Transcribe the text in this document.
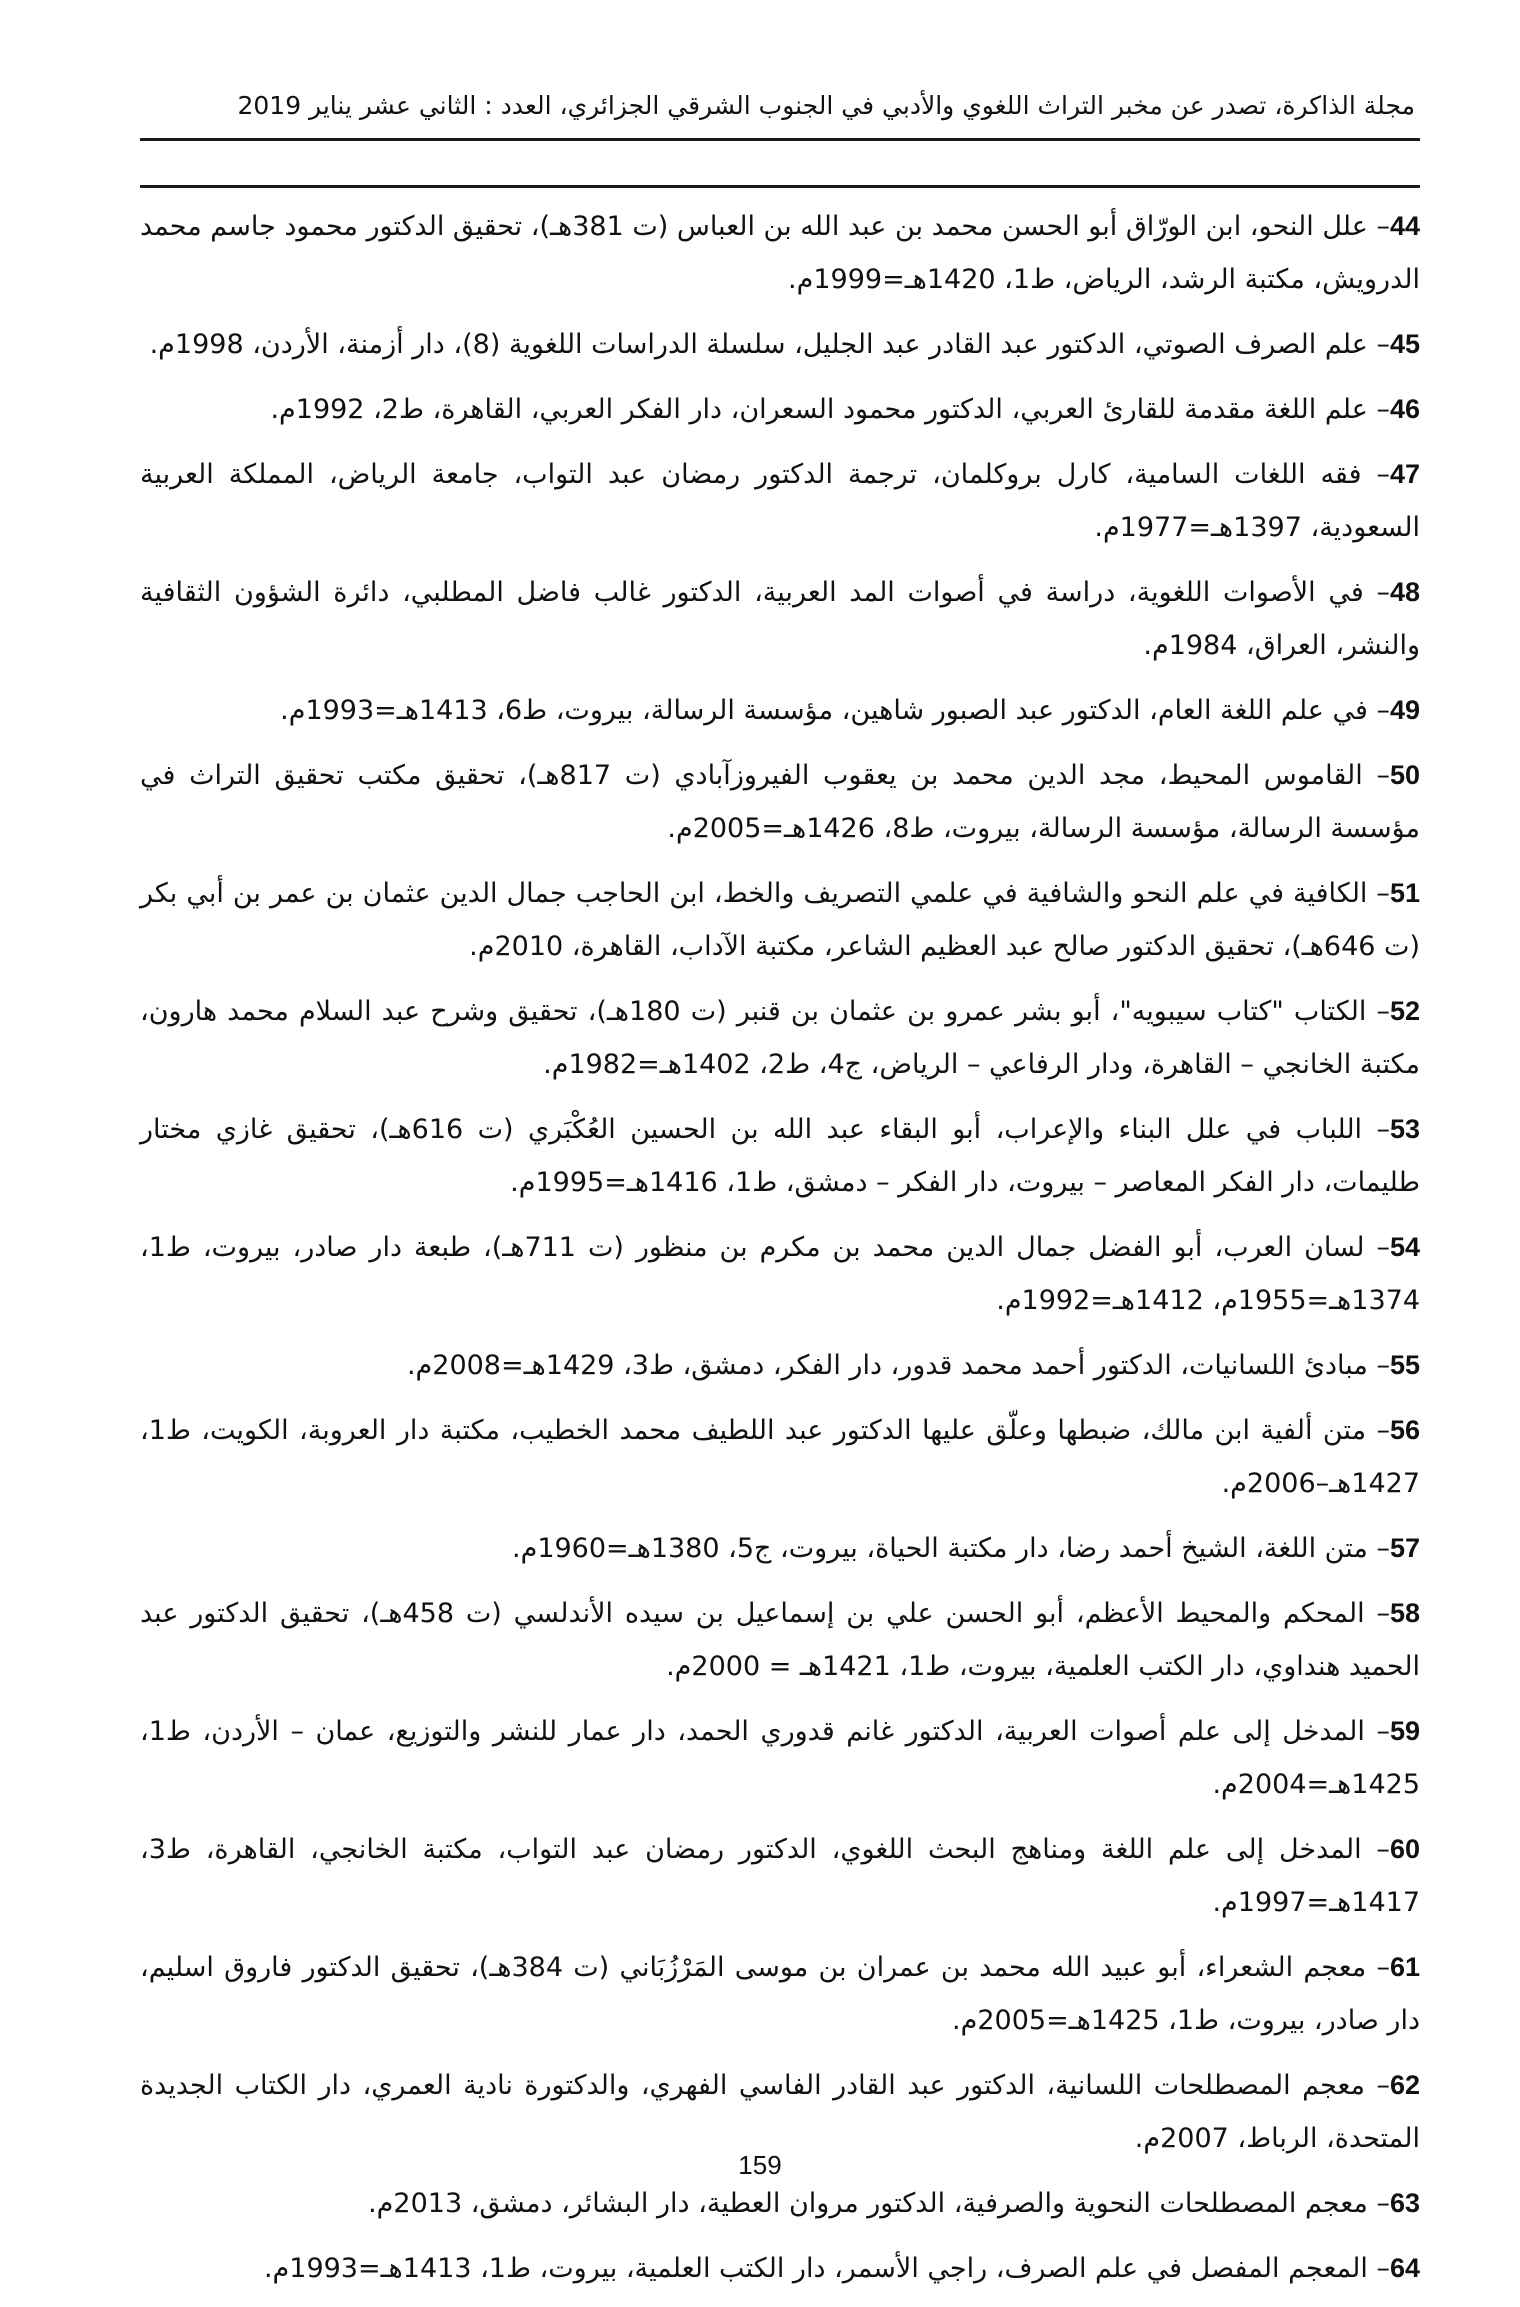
مجلة الذاكرة، تصدر عن مخبر التراث اللغوي والأدبي في الجنوب الشرقي الجزائري، العدد : الثاني عشر يناير 2019

44– علل النحو، ابن الورّاق أبو الحسن محمد بن عبد الله بن العباس (ت 381هـ)، تحقيق الدكتور محمود جاسم محمد الدرويش، مكتبة الرشد، الرياض، ط1، 1420هـ=1999م.

45– علم الصرف الصوتي، الدكتور عبد القادر عبد الجليل، سلسلة الدراسات اللغوية (8)، دار أزمنة، الأردن، 1998م.

46– علم اللغة مقدمة للقارئ العربي، الدكتور محمود السعران، دار الفكر العربي، القاهرة، ط2، 1992م.

47– فقه اللغات السامية، كارل بروكلمان، ترجمة الدكتور رمضان عبد التواب، جامعة الرياض، المملكة العربية السعودية، 1397هـ=1977م.

48– في الأصوات اللغوية، دراسة في أصوات المد العربية، الدكتور غالب فاضل المطلبي، دائرة الشؤون الثقافية والنشر، العراق، 1984م.

49– في علم اللغة العام، الدكتور عبد الصبور شاهين، مؤسسة الرسالة، بيروت، ط6، 1413هـ=1993م.

50– القاموس المحيط، مجد الدين محمد بن يعقوب الفيروزآبادي (ت 817هـ)، تحقيق مكتب تحقيق التراث في مؤسسة الرسالة، مؤسسة الرسالة، بيروت، ط8، 1426هـ=2005م.

51– الكافية في علم النحو والشافية في علمي التصريف والخط، ابن الحاجب جمال الدين عثمان بن عمر بن أبي بكر (ت 646هـ)، تحقيق الدكتور صالح عبد العظيم الشاعر، مكتبة الآداب، القاهرة، 2010م.

52– الكتاب "كتاب سيبويه"، أبو بشر عمرو بن عثمان بن قنبر (ت 180هـ)، تحقيق وشرح عبد السلام محمد هارون، مكتبة الخانجي – القاهرة، ودار الرفاعي – الرياض، ج4، ط2، 1402هـ=1982م.

53– اللباب في علل البناء والإعراب، أبو البقاء عبد الله بن الحسين العُكْبَري (ت 616هـ)، تحقيق غازي مختار طليمات، دار الفكر المعاصر – بيروت، دار الفكر – دمشق، ط1، 1416هـ=1995م.

54– لسان العرب، أبو الفضل جمال الدين محمد بن مكرم بن منظور (ت 711هـ)، طبعة دار صادر، بيروت، ط1، 1374هـ=1955م، 1412هـ=1992م.

55– مبادئ اللسانيات، الدكتور أحمد محمد قدور، دار الفكر، دمشق، ط3، 1429هـ=2008م.

56– متن ألفية ابن مالك، ضبطها وعلّق عليها الدكتور عبد اللطيف محمد الخطيب، مكتبة دار العروبة، الكويت، ط1، 1427هـ–2006م.

57– متن اللغة، الشيخ أحمد رضا، دار مكتبة الحياة، بيروت، ج5، 1380هـ=1960م.

58– المحكم والمحيط الأعظم، أبو الحسن علي بن إسماعيل بن سيده الأندلسي (ت 458هـ)، تحقيق الدكتور عبد الحميد هنداوي، دار الكتب العلمية، بيروت، ط1، 1421هـ = 2000م.

59– المدخل إلى علم أصوات العربية، الدكتور غانم قدوري الحمد، دار عمار للنشر والتوزيع، عمان – الأردن، ط1، 1425هـ=2004م.

60– المدخل إلى علم اللغة ومناهج البحث اللغوي، الدكتور رمضان عبد التواب، مكتبة الخانجي، القاهرة، ط3، 1417هـ=1997م.

61– معجم الشعراء، أبو عبيد الله محمد بن عمران بن موسى المَرْزُبَاني (ت 384هـ)، تحقيق الدكتور فاروق اسليم، دار صادر، بيروت، ط1، 1425هـ=2005م.

62– معجم المصطلحات اللسانية، الدكتور عبد القادر الفاسي الفهري، والدكتورة نادية العمري، دار الكتاب الجديدة المتحدة، الرباط، 2007م.

63– معجم المصطلحات النحوية والصرفية، الدكتور مروان العطية، دار البشائر، دمشق، 2013م.

64– المعجم المفصل في علم الصرف، راجي الأسمر، دار الكتب العلمية، بيروت، ط1، 1413هـ=1993م.

159
